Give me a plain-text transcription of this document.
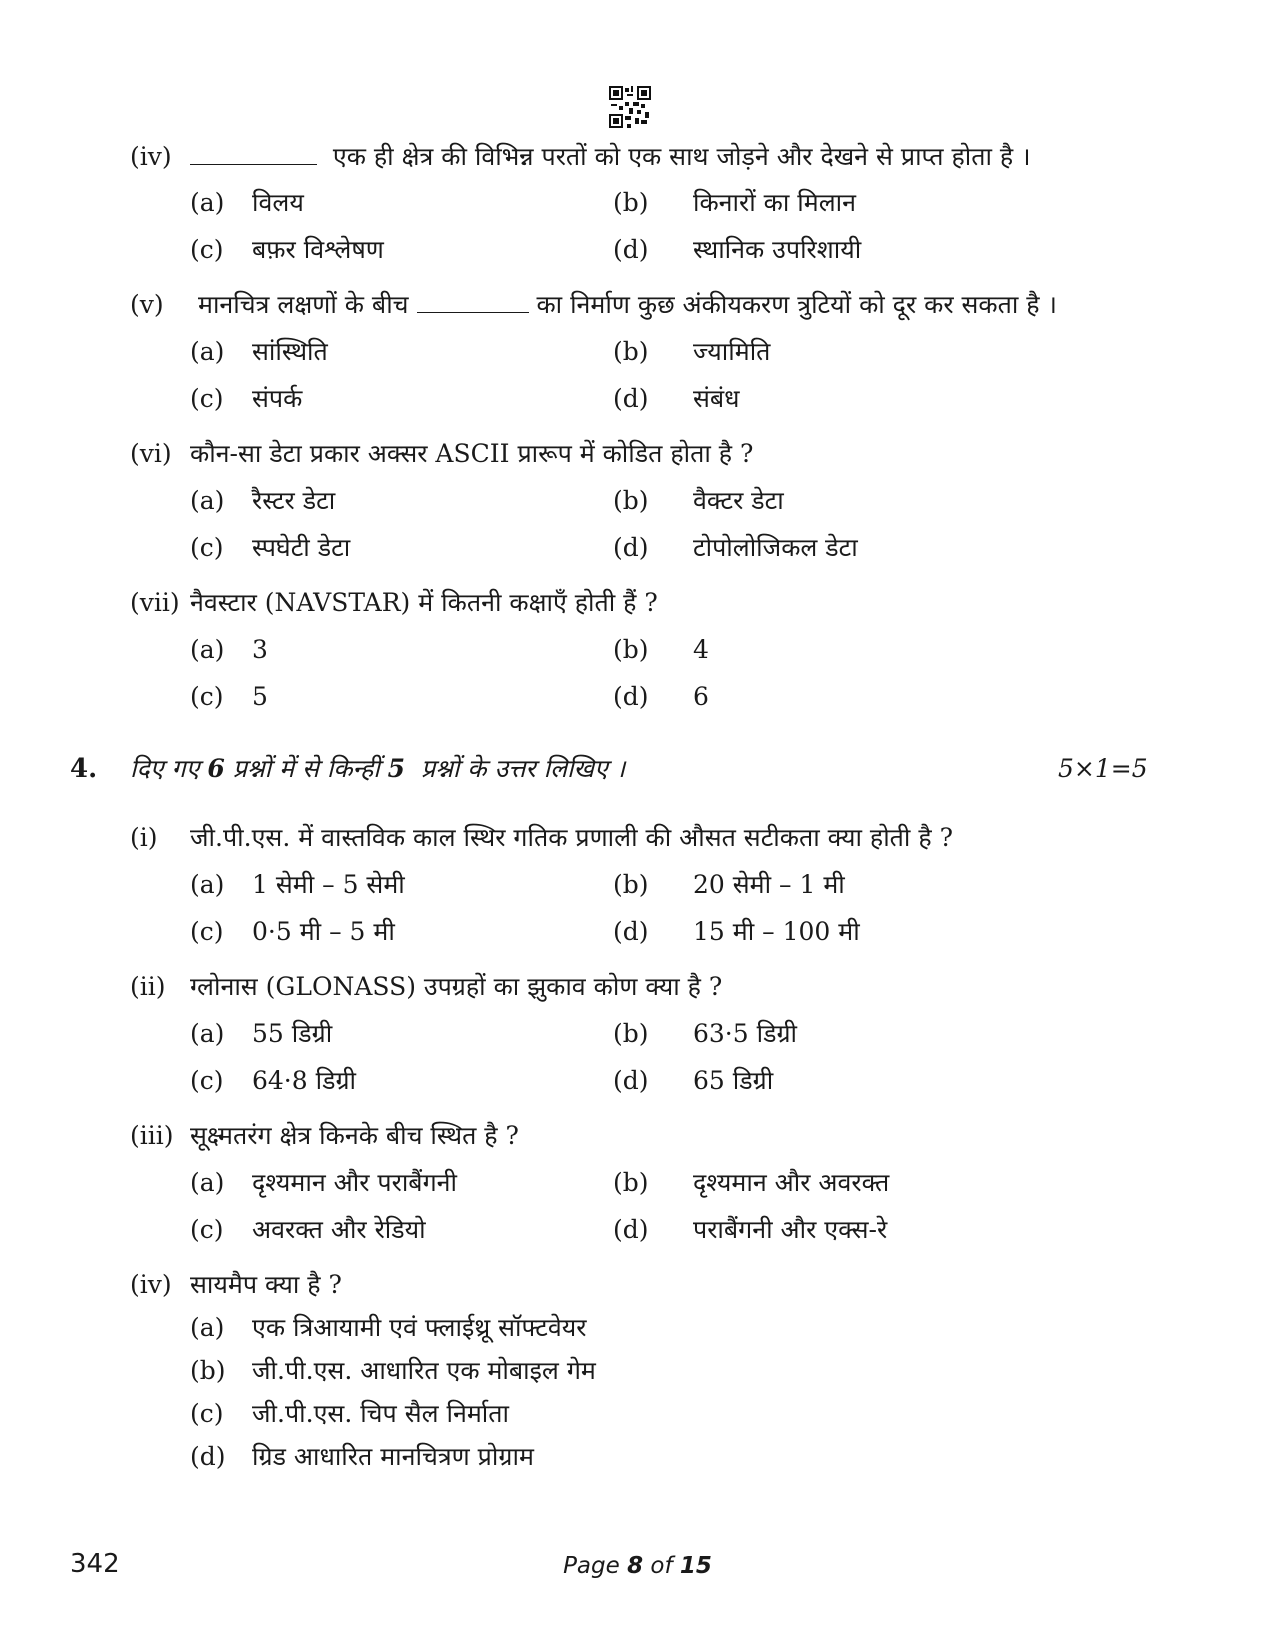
(iv)	एक ही क्षेत्र की विभिन्न परतों को एक साथ जोड़ने और देखने से प्राप्त होता है ।
(a) विलय	(b) किनारों का मिलान
(c) बफ़र विश्लेषण	(d) स्थानिक उपरिशायी
(v) मानचित्र लक्षणों के बीच	का निर्माण कुछ अंकीयकरण त्रुटियों को दूर कर सकता है ।
(a) सांस्थिति	(b) ज्यामिति
(c) संपर्क	(d) संबंध
(vi) कौन-सा डेटा प्रकार अक्सर ASCII प्रारूप में कोडित होता है ?
(a) रैस्टर डेटा	(b) वैक्टर डेटा
(c) स्पघेटी डेटा	(d) टोपोलोजिकल डेटा
(vii) नैवस्टार (NAVSTAR) में कितनी कक्षाएँ होती हैं ?
(a) 3	(b) 4
(c) 5	(d) 6
4. दिए गए 6 प्रश्नों में से किन्हीं 5 प्रश्नों के उत्तर लिखिए ।	5×1=5
(i) जी.पी.एस. में वास्तविक काल स्थिर गतिक प्रणाली की औसत सटीकता क्या होती है ?
(a) 1 सेमी – 5 सेमी	(b) 20 सेमी – 1 मी
(c) 0·5 मी – 5 मी	(d) 15 मी – 100 मी
(ii) ग्लोनास (GLONASS) उपग्रहों का झुकाव कोण क्या है ?
(a) 55 डिग्री	(b) 63·5 डिग्री
(c) 64·8 डिग्री	(d) 65 डिग्री
(iii) सूक्ष्मतरंग क्षेत्र किनके बीच स्थित है ?
(a) दृश्यमान और पराबैंगनी	(b) दृश्यमान और अवरक्त
(c) अवरक्त और रेडियो	(d) पराबैंगनी और एक्स-रे
(iv) सायमैप क्या है ?
(a) एक त्रिआयामी एवं फ्लाईथ्रू सॉफ्टवेयर
(b) जी.पी.एस. आधारित एक मोबाइल गेम
(c) जी.पी.एस. चिप सैल निर्माता
(d) ग्रिड आधारित मानचित्रण प्रोग्राम
342	Page 8 of 15
